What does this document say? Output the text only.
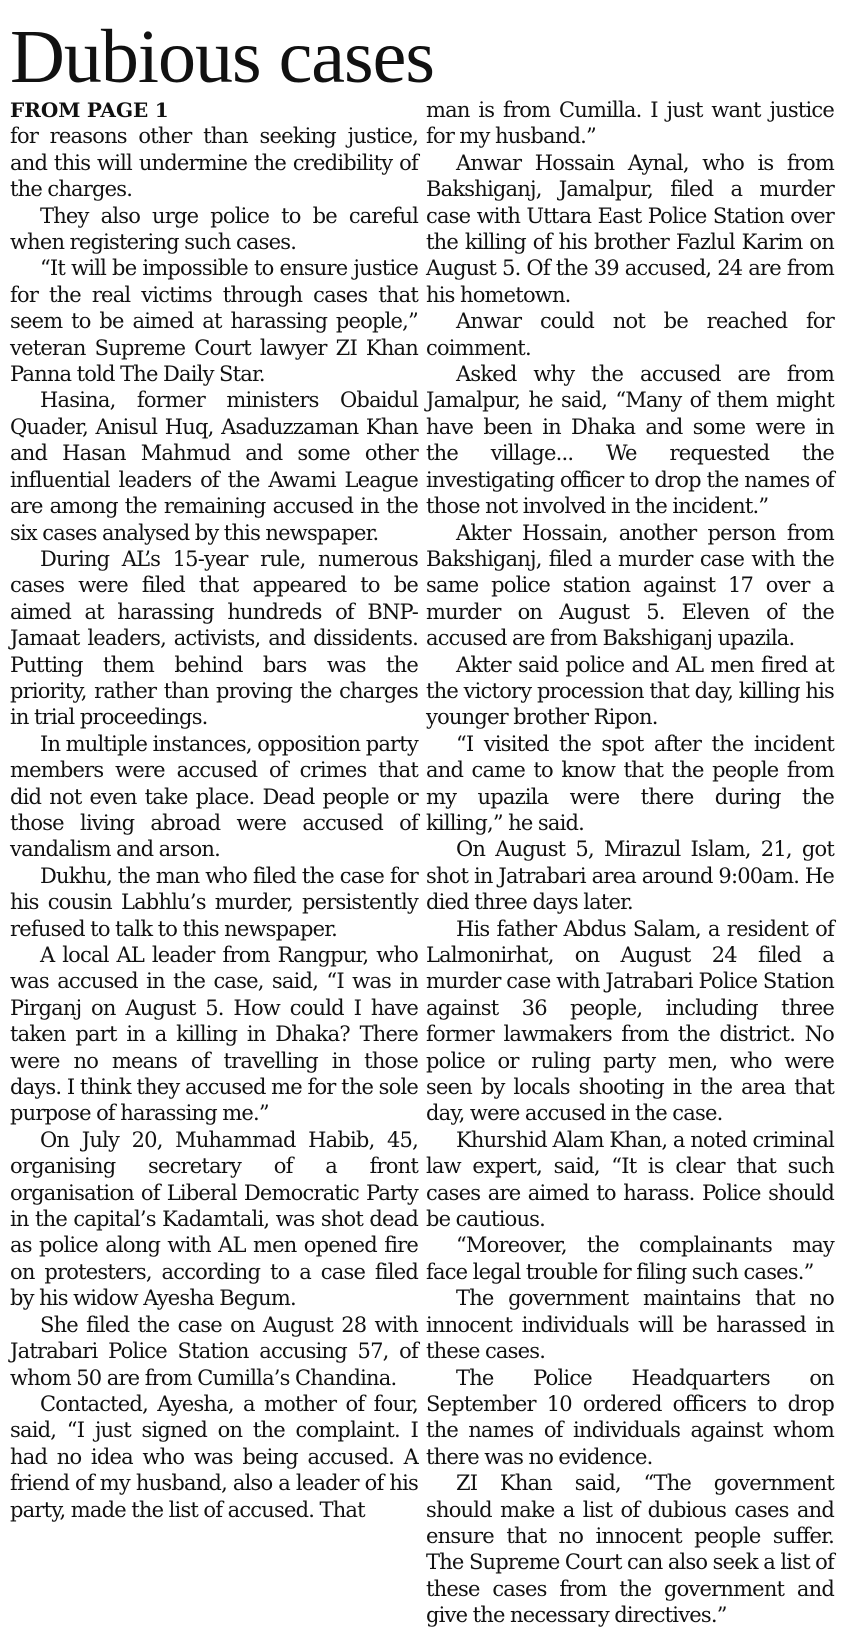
Dubious cases
FROM PAGE 1

for reasons other than seeking justice, and this will undermine the credibility of the charges.

They also urge police to be careful when registering such cases.

“It will be impossible to ensure justice for the real victims through cases that seem to be aimed at harassing people,” veteran Supreme Court lawyer ZI Khan Panna told The Daily Star.

Hasina, former ministers Obaidul Quader, Anisul Huq, Asaduzzaman Khan and Hasan Mahmud and some other influential leaders of the Awami League are among the remaining accused in the six cases analysed by this newspaper.

During AL’s 15-year rule, numerous cases were filed that appeared to be aimed at harassing hundreds of BNP-Jamaat leaders, activists, and dissidents. Putting them behind bars was the priority, rather than proving the charges in trial proceedings.

In multiple instances, opposition party members were accused of crimes that did not even take place. Dead people or those living abroad were accused of vandalism and arson.

Dukhu, the man who filed the case for his cousin Labhlu’s murder, persistently refused to talk to this newspaper.

A local AL leader from Rangpur, who was accused in the case, said, “I was in Pirganj on August 5. How could I have taken part in a killing in Dhaka? There were no means of travelling in those days. I think they accused me for the sole purpose of harassing me.”

On July 20, Muhammad Habib, 45, organising secretary of a front organisation of Liberal Democratic Party in the capital’s Kadamtali, was shot dead as police along with AL men opened fire on protesters, according to a case filed by his widow Ayesha Begum.

She filed the case on August 28 with Jatrabari Police Station accusing 57, of whom 50 are from Cumilla’s Chandina.

Contacted, Ayesha, a mother of four, said, “I just signed on the complaint. I had no idea who was being accused. A friend of my husband, also a leader of his party, made the list of accused. That

man is from Cumilla. I just want justice for my husband.”

Anwar Hossain Aynal, who is from Bakshiganj, Jamalpur, filed a murder case with Uttara East Police Station over the killing of his brother Fazlul Karim on August 5. Of the 39 accused, 24 are from his hometown.

Anwar could not be reached for coimment.

Asked why the accused are from Jamalpur, he said, “Many of them might have been in Dhaka and some were in the village... We requested the investigating officer to drop the names of those not involved in the incident.”

Akter Hossain, another person from Bakshiganj, filed a murder case with the same police station against 17 over a murder on August 5. Eleven of the accused are from Bakshiganj upazila.

Akter said police and AL men fired at the victory procession that day, killing his younger brother Ripon.

“I visited the spot after the incident and came to know that the people from my upazila were there during the killing,” he said.

On August 5, Mirazul Islam, 21, got shot in Jatrabari area around 9:00am. He died three days later.

His father Abdus Salam, a resident of Lalmonirhat, on August 24 filed a murder case with Jatrabari Police Station against 36 people, including three former lawmakers from the district. No police or ruling party men, who were seen by locals shooting in the area that day, were accused in the case.

Khurshid Alam Khan, a noted criminal law expert, said, “It is clear that such cases are aimed to harass. Police should be cautious.

“Moreover, the complainants may face legal trouble for filing such cases.”

The government maintains that no innocent individuals will be harassed in these cases.

The Police Headquarters on September 10 ordered officers to drop the names of individuals against whom there was no evidence.

ZI Khan said, “The government should make a list of dubious cases and ensure that no innocent people suffer. The Supreme Court can also seek a list of these cases from the government and give the necessary directives.”
